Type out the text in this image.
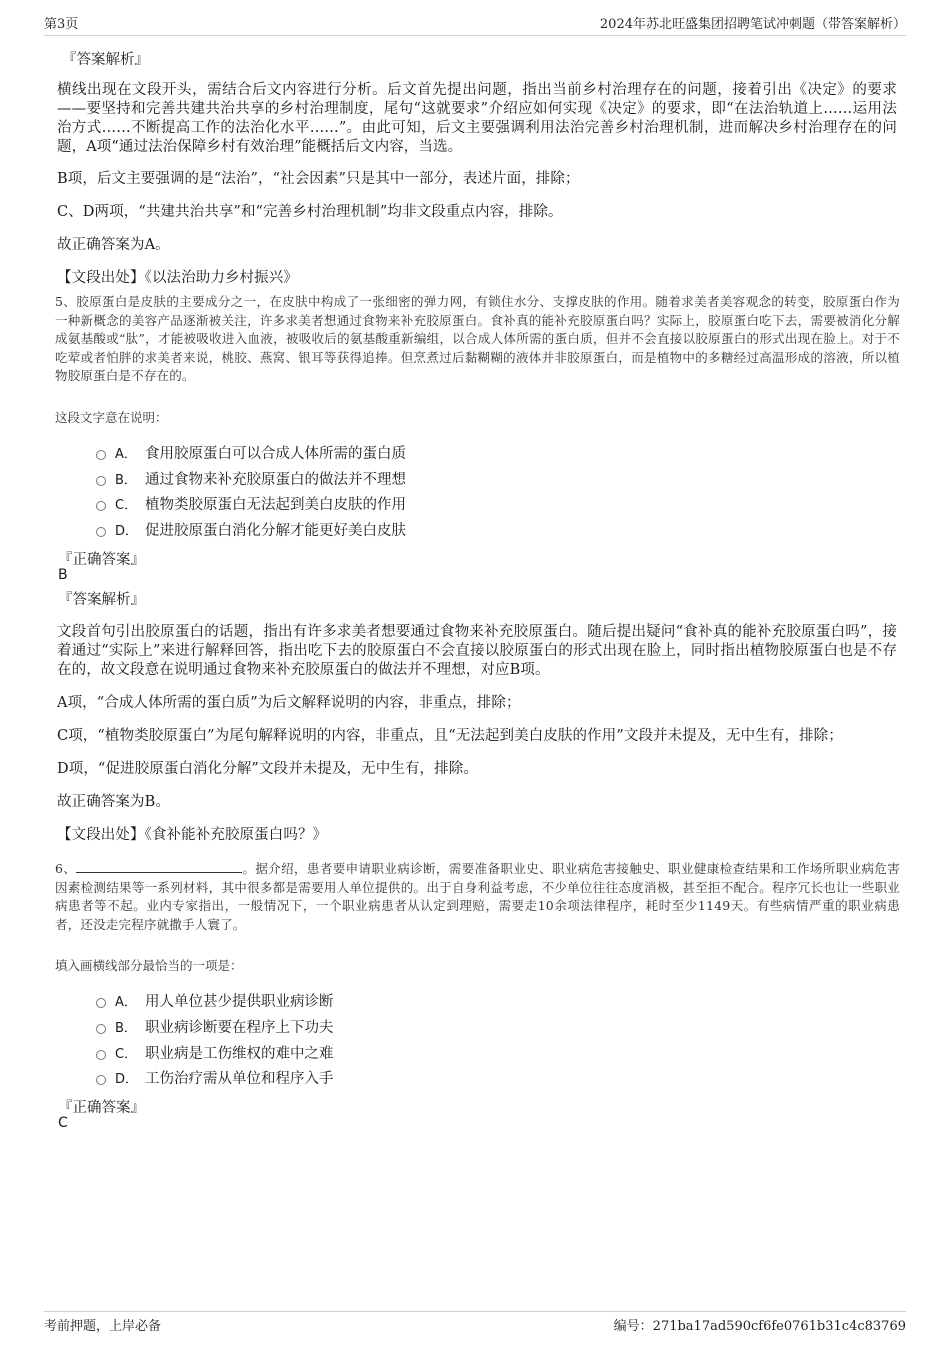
第3页	2024年苏北旺盛集团招聘笔试冲刺题（带答案解析）
『答案解析』
横线出现在文段开头，需结合后文内容进行分析。后文首先提出问题，指出当前乡村治理存在的问题，接着引出《决定》的要求——要坚持和完善共建共治共享的乡村治理制度，尾句“这就要求”介绍应如何实现《决定》的要求，即“在法治轨道上……运用法治方式……不断提高工作的法治化水平……”。由此可知，后文主要强调利用法治完善乡村治理机制，进而解决乡村治理存在的问题，A项“通过法治保障乡村有效治理”能概括后文内容，当选。
B项，后文主要强调的是“法治”，“社会因素”只是其中一部分，表述片面，排除；
C、D两项，“共建共治共享”和“完善乡村治理机制”均非文段重点内容，排除。
故正确答案为A。
【文段出处】《以法治助力乡村振兴》
5、胶原蛋白是皮肤的主要成分之一，在皮肤中构成了一张细密的弹力网，有锁住水分、支撑皮肤的作用。随着求美者美容观念的转变，胶原蛋白作为一种新概念的美容产品逐渐被关注，许多求美者想通过食物来补充胶原蛋白。食补真的能补充胶原蛋白吗？实际上，胶原蛋白吃下去，需要被消化分解成氨基酸或“肽”，才能被吸收进入血液，被吸收后的氨基酸重新编组，以合成人体所需的蛋白质，但并不会直接以胶原蛋白的形式出现在脸上。对于不吃荤或者怕胖的求美者来说，桃胶、燕窝、银耳等获得追捧。但烹煮过后黏糊糊的液体并非胶原蛋白，而是植物中的多糖经过高温形成的溶液，所以植物胶原蛋白是不存在的。
这段文字意在说明：
A． 食用胶原蛋白可以合成人体所需的蛋白质
B． 通过食物来补充胶原蛋白的做法并不理想
C． 植物类胶原蛋白无法起到美白皮肤的作用
D． 促进胶原蛋白消化分解才能更好美白皮肤
『正确答案』
B
『答案解析』
文段首句引出胶原蛋白的话题，指出有许多求美者想要通过食物来补充胶原蛋白。随后提出疑问“食补真的能补充胶原蛋白吗”，接着通过“实际上”来进行解释回答，指出吃下去的胶原蛋白不会直接以胶原蛋白的形式出现在脸上，同时指出植物胶原蛋白也是不存在的，故文段意在说明通过食物来补充胶原蛋白的做法并不理想，对应B项。
A项，“合成人体所需的蛋白质”为后文解释说明的内容，非重点，排除；
C项，“植物类胶原蛋白”为尾句解释说明的内容，非重点，且“无法起到美白皮肤的作用”文段并未提及，无中生有，排除；
D项，“促进胶原蛋白消化分解”文段并未提及，无中生有，排除。
故正确答案为B。
【文段出处】《食补能补充胶原蛋白吗？》
6、	。据介绍，患者要申请职业病诊断，需要准备职业史、职业病危害接触史、职业健康检查结果和工作场所职业病危害因素检测结果等一系列材料，其中很多都是需要用人单位提供的。出于自身利益考虑，不少单位往往态度消极，甚至拒不配合。程序冗长也让一些职业病患者等不起。业内专家指出，一般情况下，一个职业病患者从认定到理赔，需要走10余项法律程序，耗时至少1149天。有些病情严重的职业病患者，还没走完程序就撒手人寰了。
填入画横线部分最恰当的一项是：
A． 用人单位甚少提供职业病诊断
B． 职业病诊断要在程序上下功夫
C． 职业病是工伤维权的难中之难
D． 工伤治疗需从单位和程序入手
『正确答案』
C
考前押题，上岸必备	编号：271ba17ad590cf6fe0761b31c4c83769
